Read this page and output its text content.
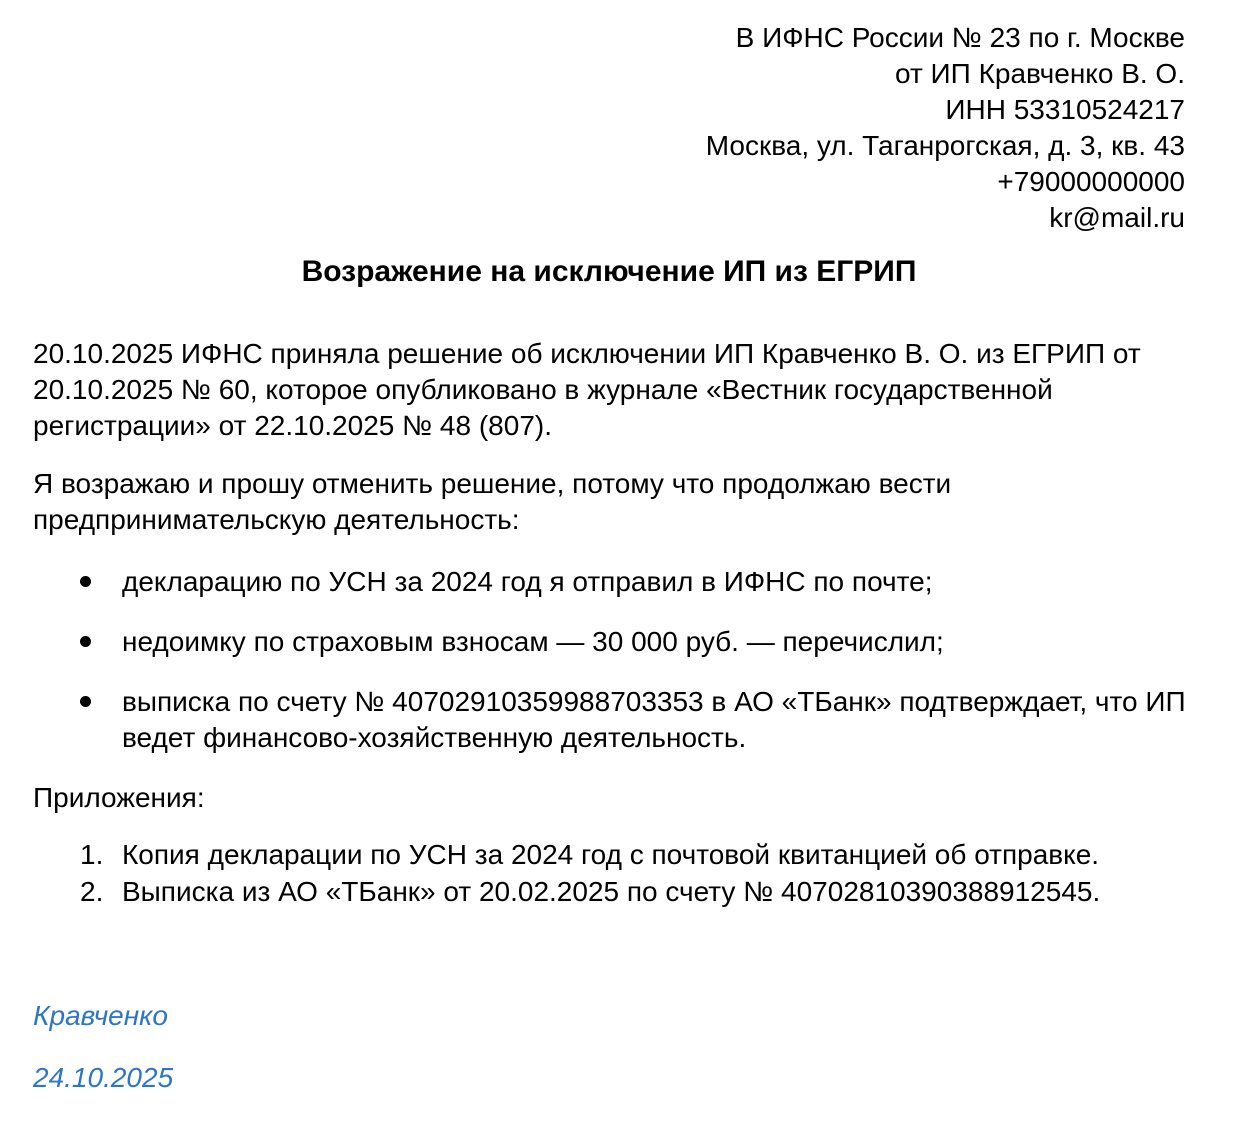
В ИФНС России № 23 по г. Москве
от ИП Кравченко В. О.
ИНН 53310524217
Москва, ул. Таганрогская, д. 3, кв. 43
+79000000000
kr@mail.ru
Возражение на исключение ИП из ЕГРИП

20.10.2025 ИФНС приняла решение об исключении ИП Кравченко В. О. из ЕГРИП от 20.10.2025 № 60, которое опубликовано в журнале «Вестник государственной регистрации» от 22.10.2025 № 48 (807).

Я возражаю и прошу отменить решение, потому что продолжаю вести предпринимательскую деятельность:

декларацию по УСН за 2024 год я отправил в ИФНС по почте;
недоимку по страховым взносам — 30 000 руб. — перечислил;
выписка по счету № 40702910359988703353 в АО «ТБанк» подтверждает, что ИП ведет финансово-хозяйственную деятельность.

Приложения:

1. Копия декларации по УСН за 2024 год с почтовой квитанцией об отправке.
2. Выписка из АО «ТБанк» от 20.02.2025 по счету № 40702810390388912545.
Кравченко
24.10.2025
